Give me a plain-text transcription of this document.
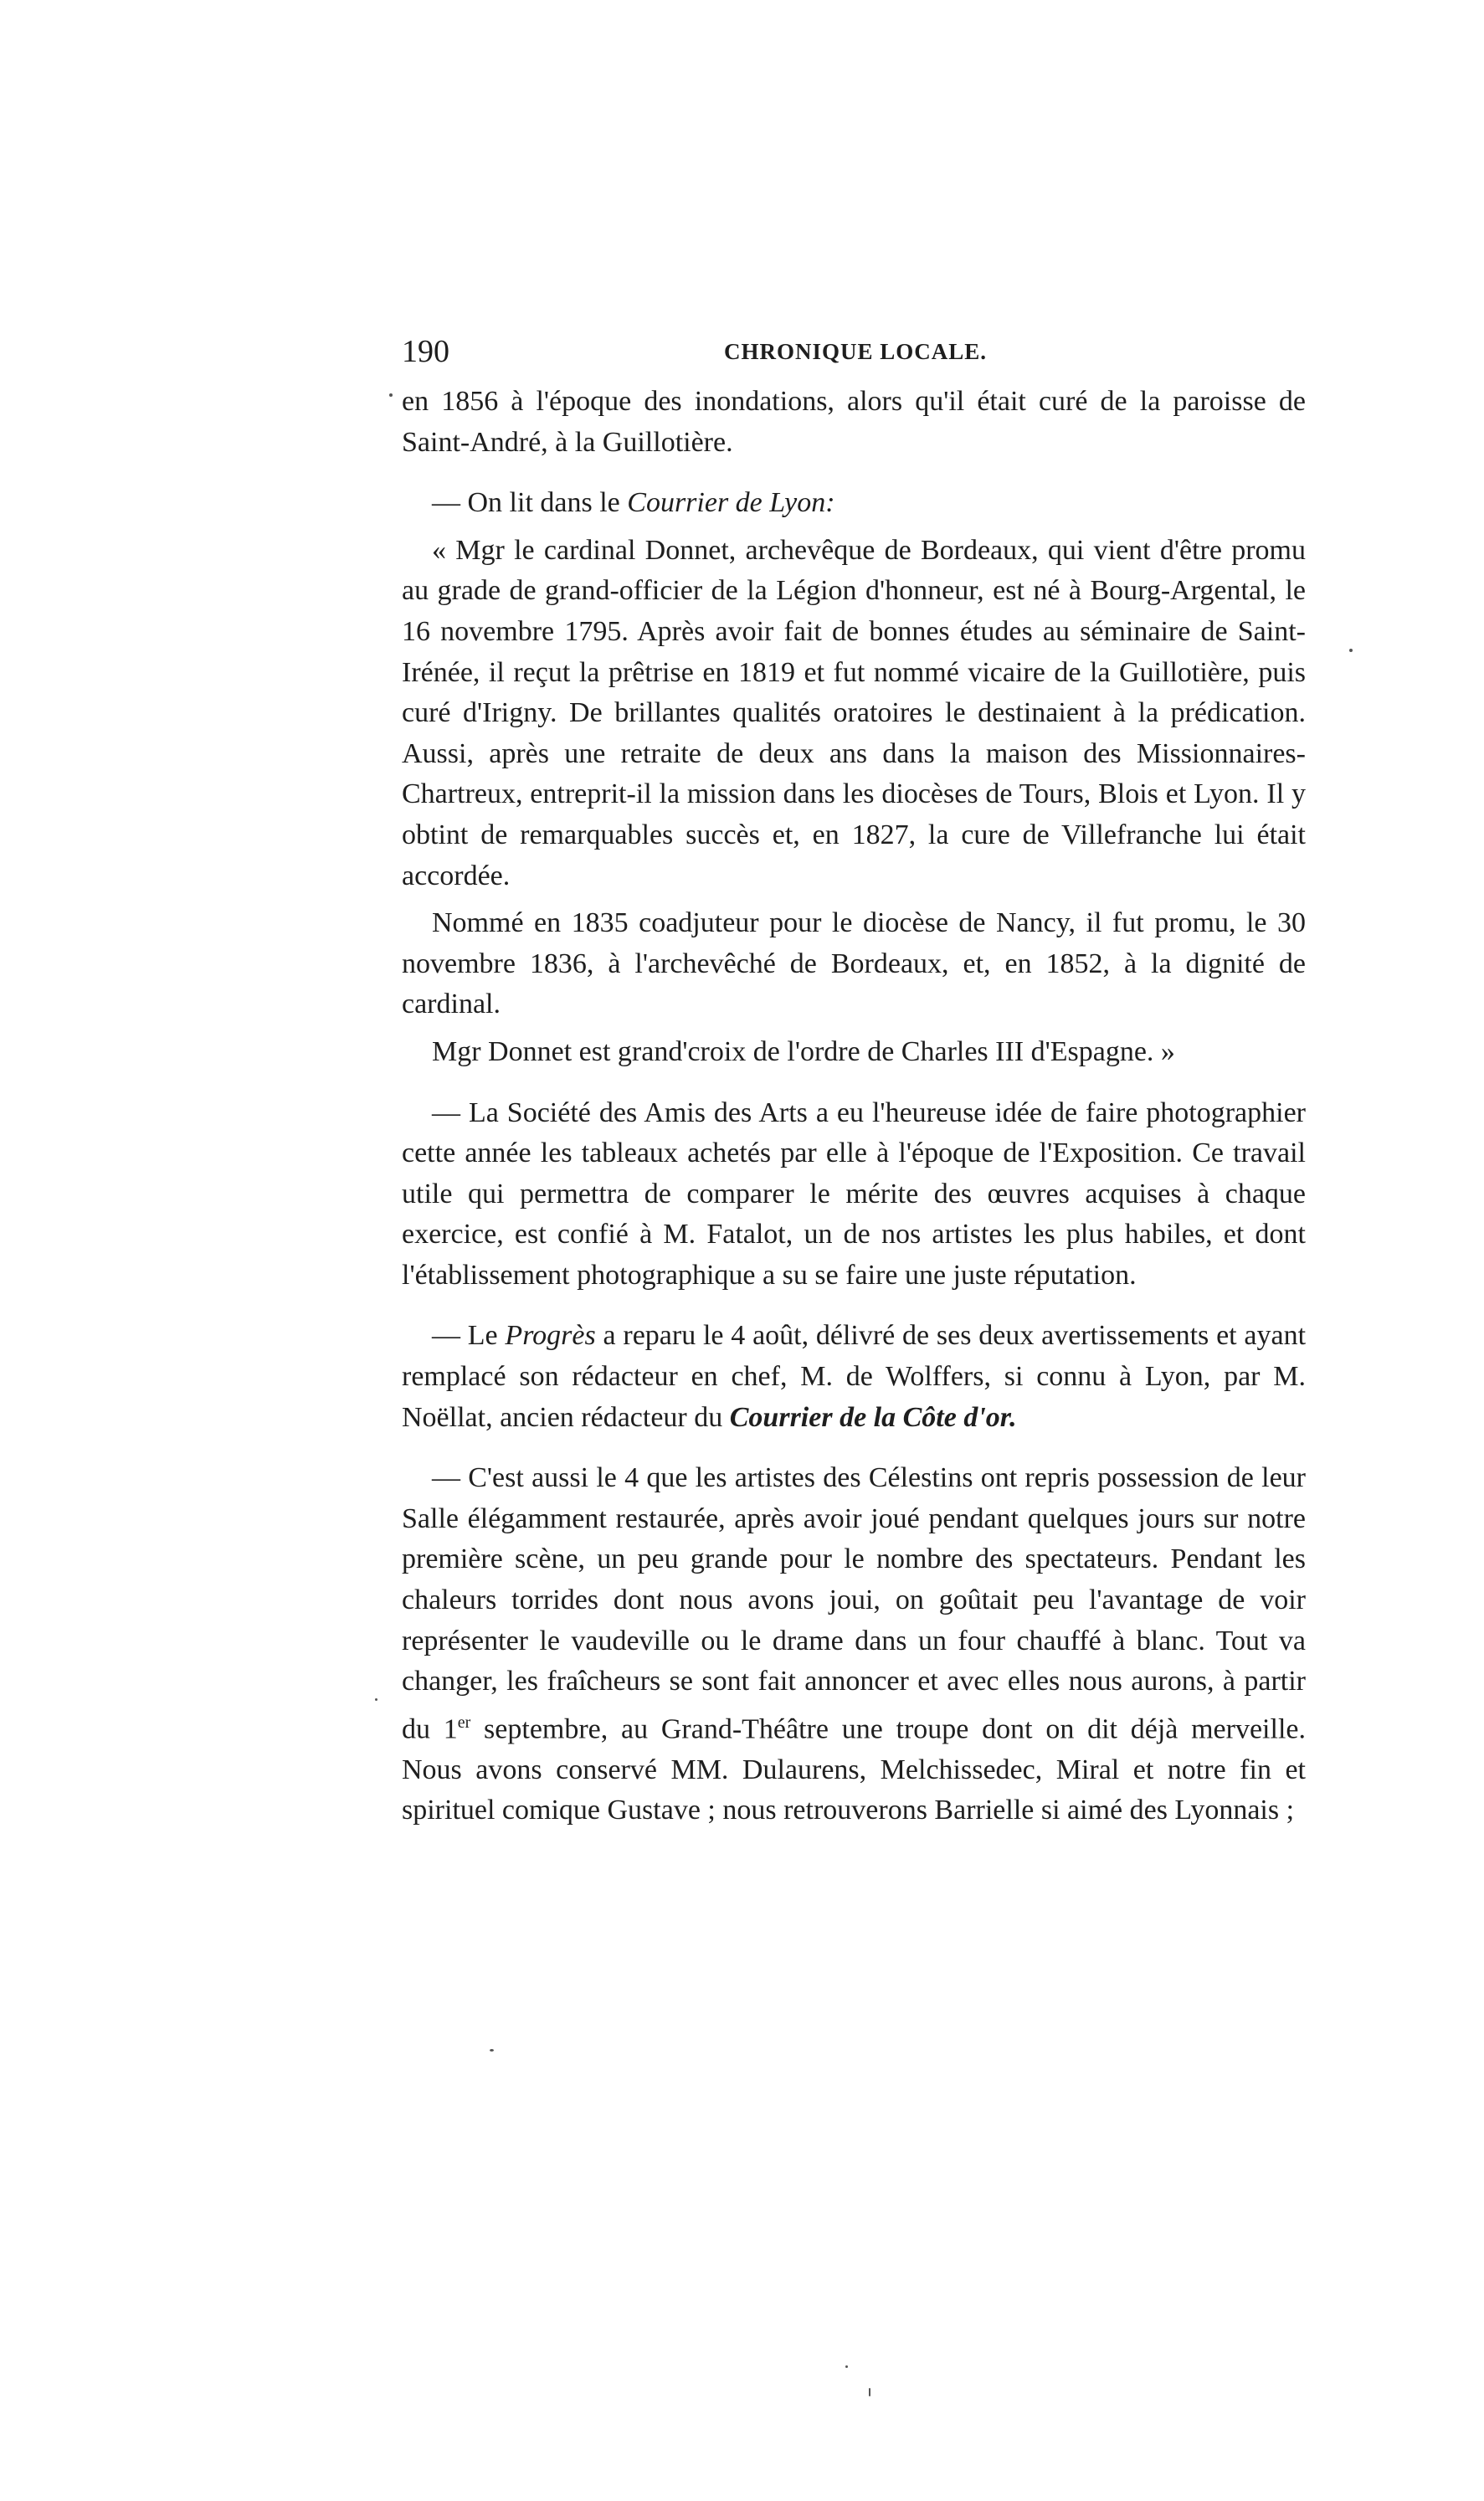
190	CHRONIQUE LOCALE.

en 1856 à l'époque des inondations, alors qu'il était curé de la paroisse de Saint-André, à la Guillotière.

— On lit dans le Courrier de Lyon:

« Mgr le cardinal Donnet, archevêque de Bordeaux, qui vient d'être promu au grade de grand-officier de la Légion d'honneur, est né à Bourg-Argental, le 16 novembre 1795. Après avoir fait de bonnes études au séminaire de Saint-Irénée, il reçut la prêtrise en 1819 et fut nommé vicaire de la Guillotière, puis curé d'Irigny. De brillantes qualités oratoires le destinaient à la prédication. Aussi, après une retraite de deux ans dans la maison des Missionnaires-Chartreux, entreprit-il la mission dans les diocèses de Tours, Blois et Lyon. Il y obtint de remarquables succès et, en 1827, la cure de Villefranche lui était accordée.

Nommé en 1835 coadjuteur pour le diocèse de Nancy, il fut promu, le 30 novembre 1836, à l'archevêché de Bordeaux, et, en 1852, à la dignité de cardinal.

Mgr Donnet est grand'croix de l'ordre de Charles III d'Espagne. »

— La Société des Amis des Arts a eu l'heureuse idée de faire photographier cette année les tableaux achetés par elle à l'époque de l'Exposition. Ce travail utile qui permettra de comparer le mérite des œuvres acquises à chaque exercice, est confié à M. Fatalot, un de nos artistes les plus habiles, et dont l'établissement photographique a su se faire une juste réputation.

— Le Progrès a reparu le 4 août, délivré de ses deux avertissements et ayant remplacé son rédacteur en chef, M. de Wolffers, si connu à Lyon, par M. Noëllat, ancien rédacteur du Courrier de la Côte d'or.

— C'est aussi le 4 que les artistes des Célestins ont repris possession de leur Salle élégamment restaurée, après avoir joué pendant quelques jours sur notre première scène, un peu grande pour le nombre des spectateurs. Pendant les chaleurs torrides dont nous avons joui, on goûtait peu l'avantage de voir représenter le vaudeville ou le drame dans un four chauffé à blanc. Tout va changer, les fraîcheurs se sont fait annoncer et avec elles nous aurons, à partir du 1er septembre, au Grand-Théâtre une troupe dont on dit déjà merveille. Nous avons conservé MM. Dulaurens, Melchissedec, Miral et notre fin et spirituel comique Gustave ; nous retrouverons Barrielle si aimé des Lyonnais ;
